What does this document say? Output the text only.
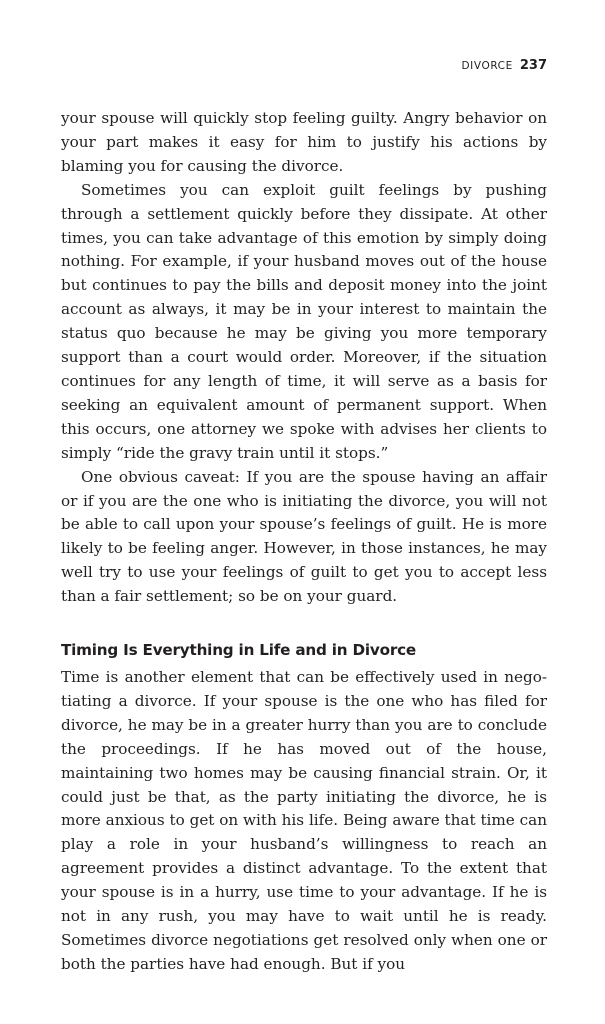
DIVORCE 237

your spouse will quickly stop feeling guilty. Angry behavior on your part makes it easy for him to justify his actions by blaming you for causing the divorce.

Sometimes you can exploit guilt feelings by pushing through a settlement quickly before they dissipate. At other times, you can take advantage of this emotion by simply doing nothing. For example, if your husband moves out of the house but continues to pay the bills and deposit money into the joint account as always, it may be in your interest to maintain the status quo because he may be giving you more temporary support than a court would order. Moreover, if the situation continues for any length of time, it will serve as a basis for seeking an equivalent amount of permanent support. When this occurs, one attorney we spoke with advises her clients to simply “ride the gravy train until it stops.”

One obvious caveat: If you are the spouse having an affair or if you are the one who is initiating the divorce, you will not be able to call upon your spouse’s feelings of guilt. He is more likely to be feeling anger. However, in those instances, he may well try to use your feelings of guilt to get you to accept less than a fair settlement; so be on your guard.

Timing Is Everything in Life and in Divorce

Time is another element that can be effectively used in negotiating a divorce. If your spouse is the one who has filed for divorce, he may be in a greater hurry than you are to conclude the proceedings. If he has moved out of the house, maintaining two homes may be causing financial strain. Or, it could just be that, as the party initiating the divorce, he is more anxious to get on with his life. Being aware that time can play a role in your husband’s willingness to reach an agreement provides a distinct advantage. To the extent that your spouse is in a hurry, use time to your advantage. If he is not in any rush, you may have to wait until he is ready. Sometimes divorce negotiations get resolved only when one or both the parties have had enough. But if you
